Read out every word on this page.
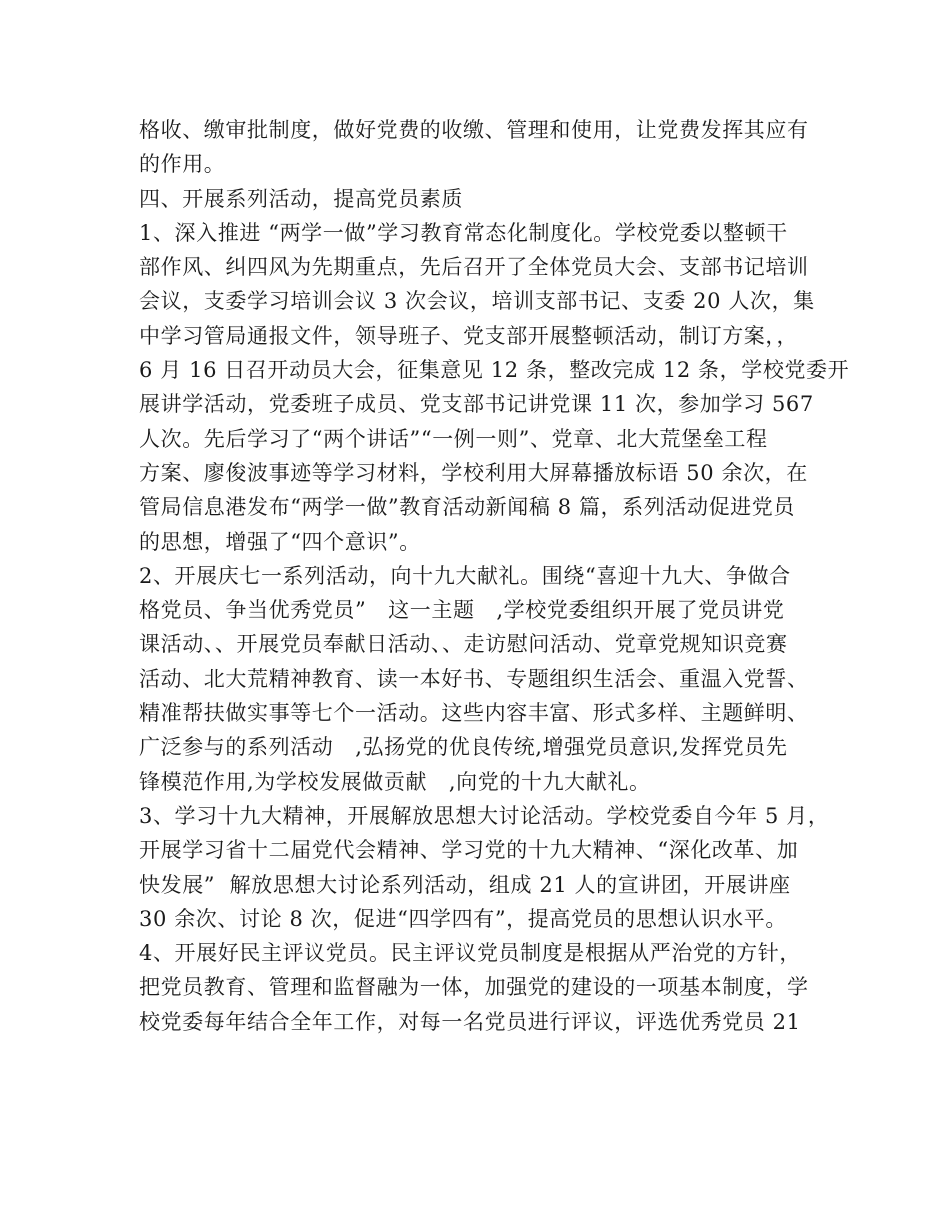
格收、缴审批制度，做好党费的收缴、管理和使用，让党费发挥其应有
的作用。
四、开展系列活动，提高党员素质
1、深入推进 “两学一做”学习教育常态化制度化。学校党委以整顿干
部作风、纠四风为先期重点，先后召开了全体党员大会、支部书记培训
会议，支委学习培训会议 3 次会议，培训支部书记、支委 20 人次，集
中学习管局通报文件，领导班子、党支部开展整顿活动，制订方案，，
6 月 16 日召开动员大会，征集意见 12 条，整改完成 12 条，学校党委开
展讲学活动，党委班子成员、党支部书记讲党课 11 次，参加学习 567
人次。先后学习了“两个讲话”“一例一则”、党章、北大荒堡垒工程
方案、廖俊波事迹等学习材料，学校利用大屏幕播放标语 50 余次，在
管局信息港发布“两学一做”教育活动新闻稿 8 篇，系列活动促进党员
的思想，增强了“四个意识”。
2、开展庆七一系列活动，向十九大献礼。围绕“喜迎十九大、争做合
格党员、争当优秀党员”   这一主题   ,学校党委组织开展了党员讲党
课活动、、开展党员奉献日活动、、走访慰问活动、党章党规知识竞赛
活动、北大荒精神教育、读一本好书、专题组织生活会、重温入党誓、
精准帮扶做实事等七个一活动。这些内容丰富、形式多样、主题鲜明、
广泛参与的系列活动   ,弘扬党的优良传统,增强党员意识,发挥党员先
锋模范作用,为学校发展做贡献   ,向党的十九大献礼。
3、学习十九大精神，开展解放思想大讨论活动。学校党委自今年 5 月，
开展学习省十二届党代会精神、学习党的十九大精神、“深化改革、加
快发展”  解放思想大讨论系列活动，组成 21 人的宣讲团，开展讲座
30 余次、讨论 8 次，促进“四学四有”，提高党员的思想认识水平。
4、开展好民主评议党员。民主评议党员制度是根据从严治党的方针，
把党员教育、管理和监督融为一体，加强党的建设的一项基本制度，学
校党委每年结合全年工作，对每一名党员进行评议，评选优秀党员 21
